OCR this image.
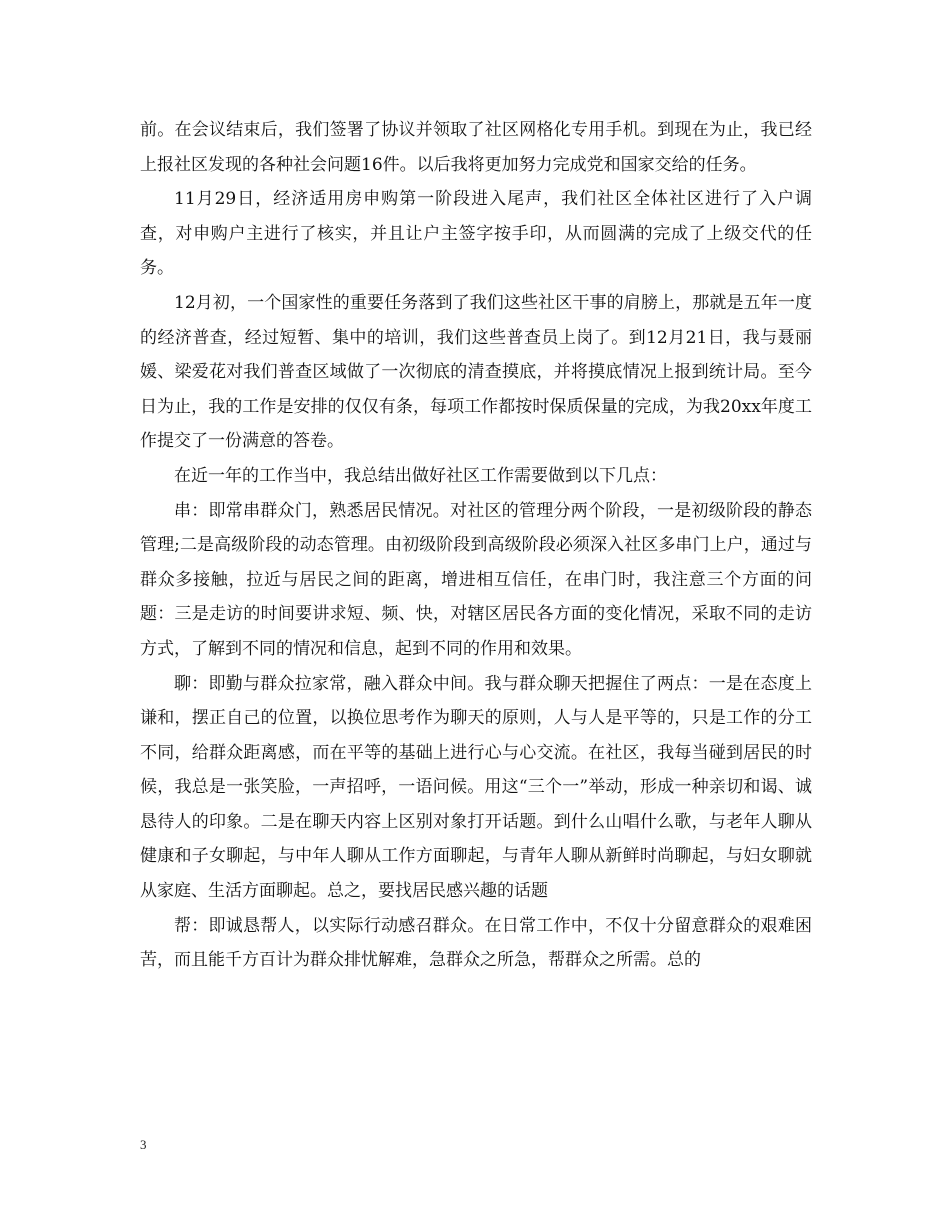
前。在会议结束后，我们签署了协议并领取了社区网格化专用手机。到现在为止，我已经上报社区发现的各种社会问题16件。以后我将更加努力完成党和国家交给的任务。

11月29日，经济适用房申购第一阶段进入尾声，我们社区全体社区进行了入户调查，对申购户主进行了核实，并且让户主签字按手印，从而圆满的完成了上级交代的任务。

12月初，一个国家性的重要任务落到了我们这些社区干事的肩膀上，那就是五年一度的经济普查，经过短暂、集中的培训，我们这些普查员上岗了。到12月21日，我与聂丽媛、梁爱花对我们普查区域做了一次彻底的清查摸底，并将摸底情况上报到统计局。至今日为止，我的工作是安排的仅仅有条，每项工作都按时保质保量的完成，为我20xx年度工作提交了一份满意的答卷。

在近一年的工作当中，我总结出做好社区工作需要做到以下几点：

串：即常串群众门，熟悉居民情况。对社区的管理分两个阶段，一是初级阶段的静态管理;二是高级阶段的动态管理。由初级阶段到高级阶段必须深入社区多串门上户，通过与群众多接触，拉近与居民之间的距离，增进相互信任，在串门时，我注意三个方面的问题：三是走访的时间要讲求短、频、快，对辖区居民各方面的变化情况，采取不同的走访方式，了解到不同的情况和信息，起到不同的作用和效果。

聊：即勤与群众拉家常，融入群众中间。我与群众聊天把握住了两点：一是在态度上谦和，摆正自己的位置，以换位思考作为聊天的原则，人与人是平等的，只是工作的分工不同，给群众距离感，而在平等的基础上进行心与心交流。在社区，我每当碰到居民的时候，我总是一张笑脸，一声招呼，一语问候。用这“三个一”举动，形成一种亲切和谒、诚恳待人的印象。二是在聊天内容上区别对象打开话题。到什么山唱什么歌，与老年人聊从健康和子女聊起，与中年人聊从工作方面聊起，与青年人聊从新鲜时尚聊起，与妇女聊就从家庭、生活方面聊起。总之，要找居民感兴趣的话题

帮：即诚恳帮人，以实际行动感召群众。在日常工作中，不仅十分留意群众的艰难困苦，而且能千方百计为群众排忧解难，急群众之所急，帮群众之所需。总的

3
